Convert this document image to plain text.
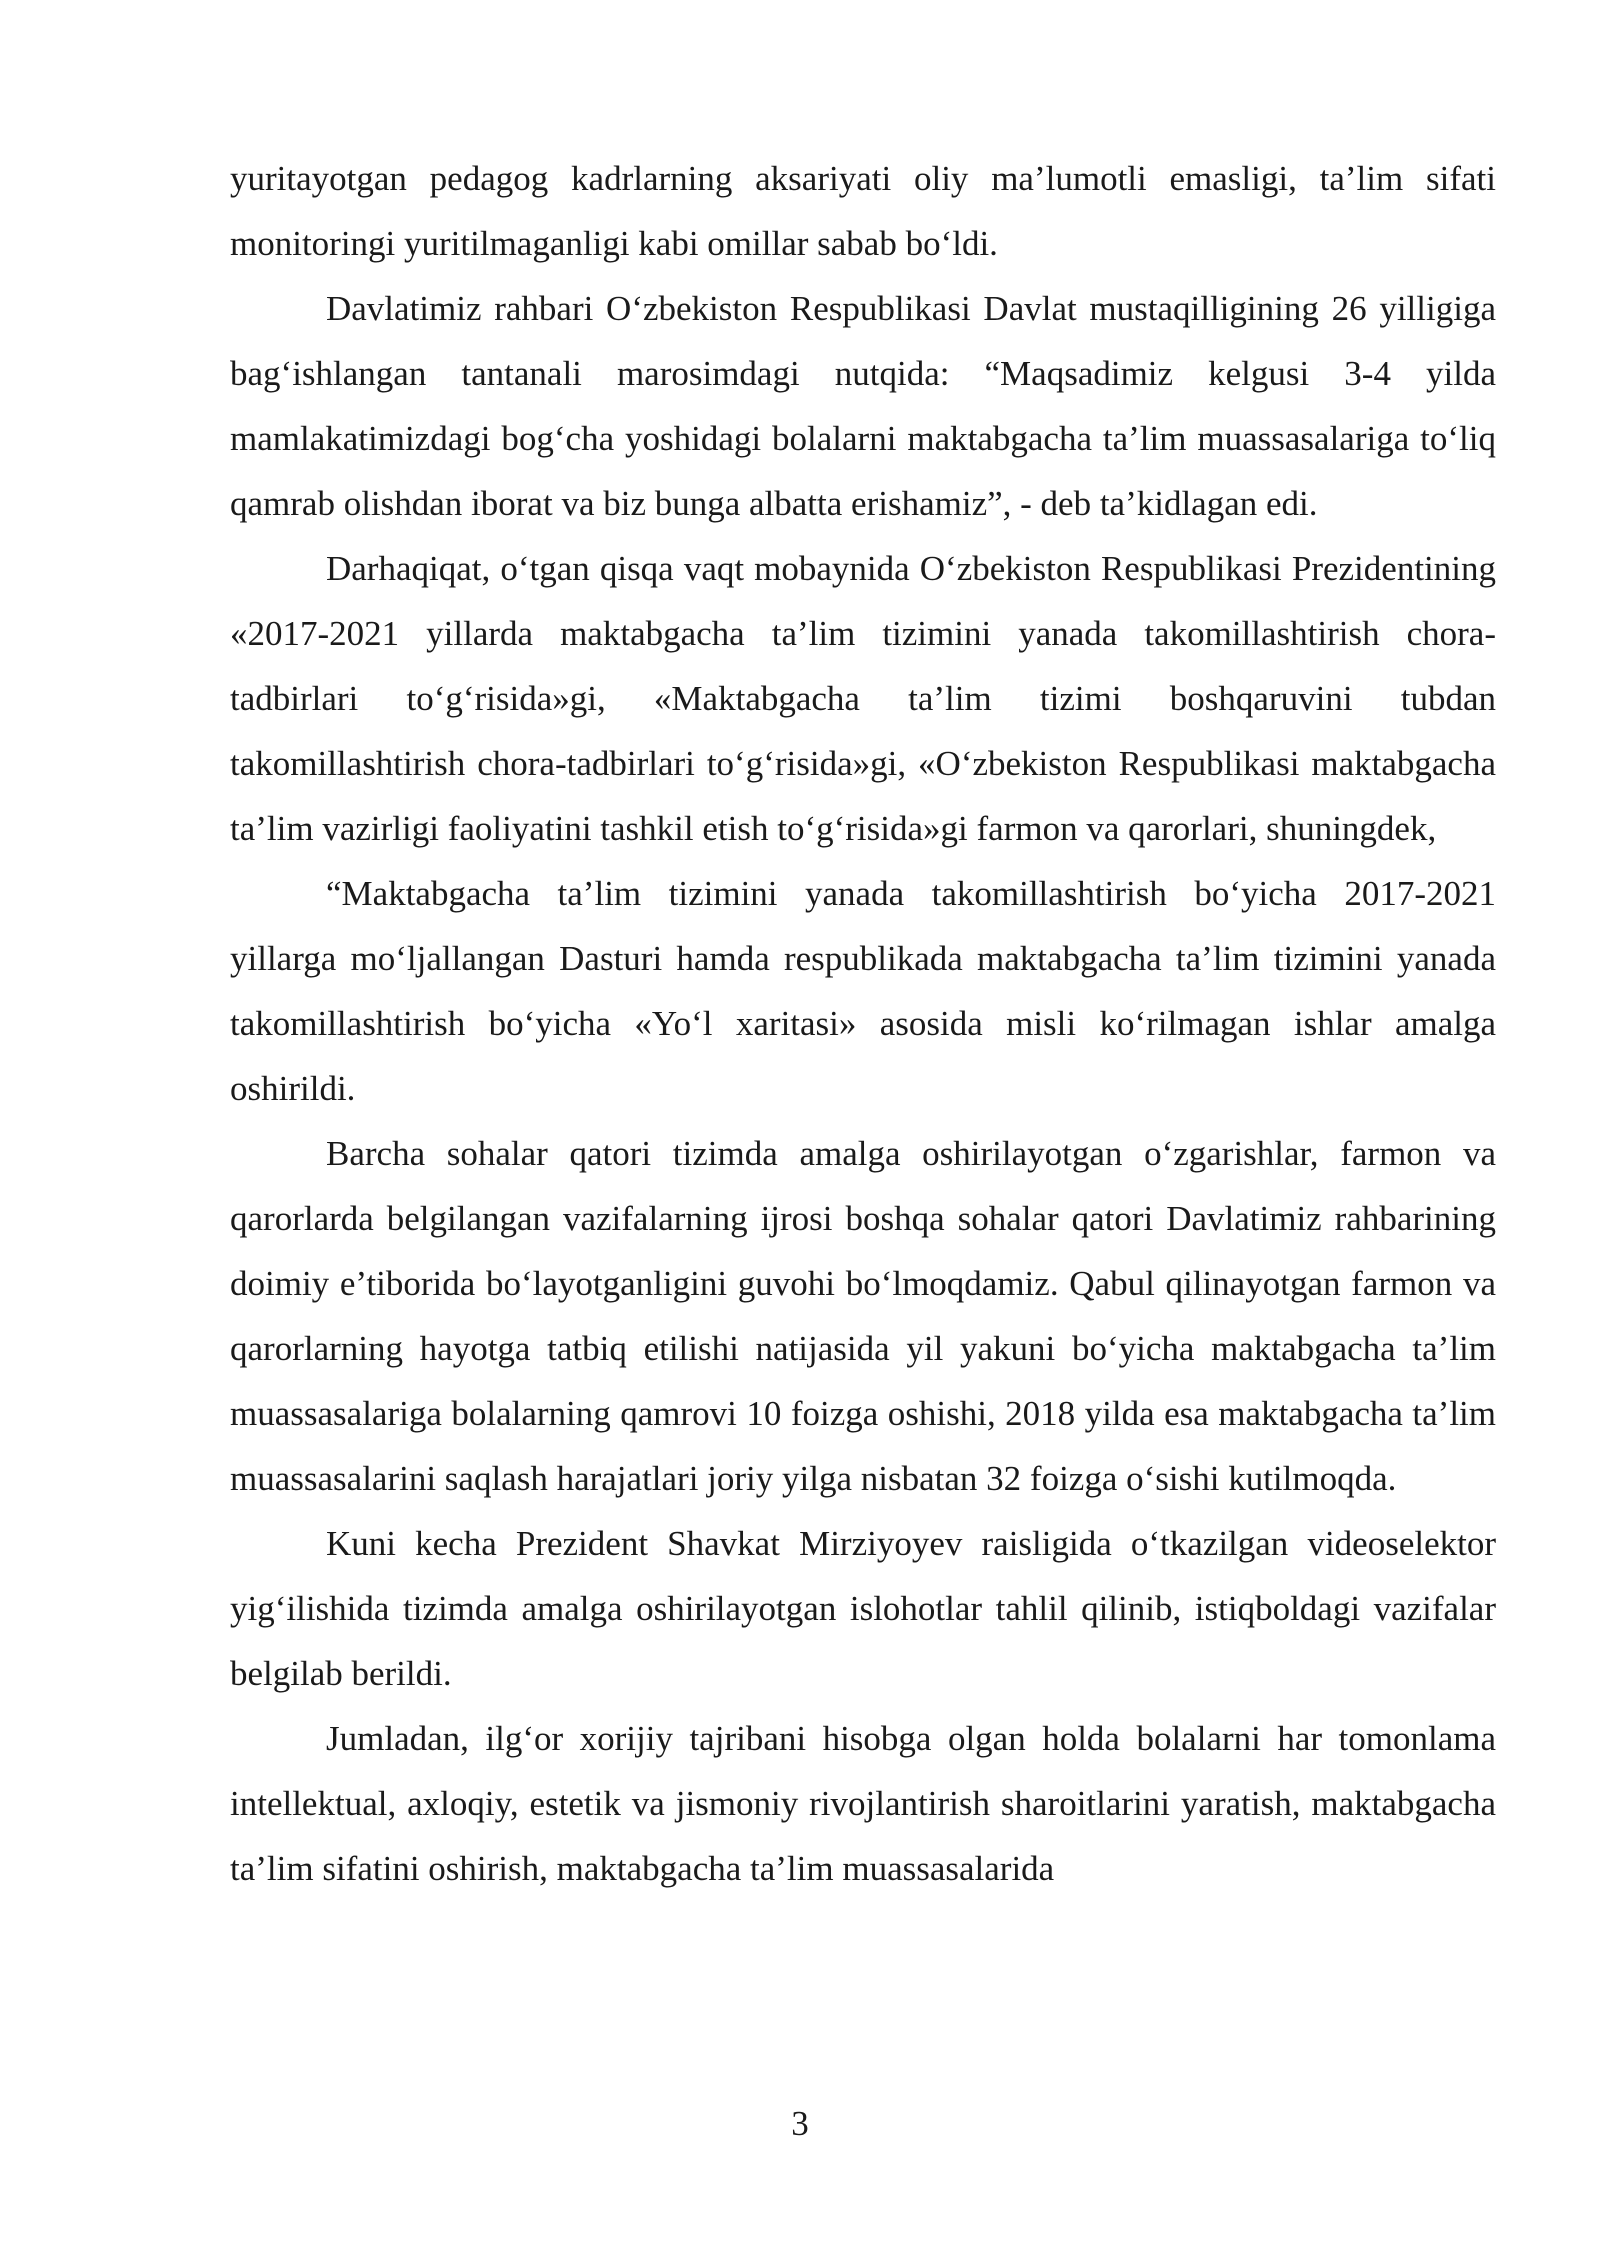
yuritayotgan pedagog kadrlarning aksariyati oliy ma’lumotli emasligi, ta’lim sifati monitoringi yuritilmaganligi kabi omillar sabab bo‘ldi.

Davlatimiz rahbari O‘zbekiston Respublikasi Davlat mustaqilligining 26 yilligiga bag‘ishlangan tantanali marosimdagi nutqida: “Maqsadimiz kelgusi 3-4 yilda mamlakatimizdagi bog‘cha yoshidagi bolalarni maktabgacha ta’lim muassasalariga to‘liq qamrab olishdan iborat va biz bunga albatta erishamiz”, - deb ta’kidlagan edi.

Darhaqiqat, o‘tgan qisqa vaqt mobaynida O‘zbekiston Respublikasi Prezidentining «2017-2021 yillarda maktabgacha ta’lim tizimini yanada takomillashtirish chora-tadbirlari to‘g‘risida»gi, «Maktabgacha ta’lim tizimi boshqaruvini tubdan takomillashtirish chora-tadbirlari to‘g‘risida»gi, «O‘zbekiston Respublikasi maktabgacha ta’lim vazirligi faoliyatini tashkil etish to‘g‘risida»gi farmon va qarorlari, shuningdek,

“Maktabgacha ta’lim tizimini yanada takomillashtirish bo‘yicha 2017-2021 yillarga mo‘ljallangan Dasturi hamda respublikada maktabgacha ta’lim tizimini yanada takomillashtirish bo‘yicha «Yo‘l xaritasi» asosida misli ko‘rilmagan ishlar amalga oshirildi.

Barcha sohalar qatori tizimda amalga oshirilayotgan o‘zgarishlar, farmon va qarorlarda belgilangan vazifalarning ijrosi boshqa sohalar qatori Davlatimiz rahbarining doimiy e’tiborida bo‘layotganligini guvohi bo‘lmoqdamiz. Qabul qilinayotgan farmon va qarorlarning hayotga tatbiq etilishi natijasida yil yakuni bo‘yicha maktabgacha ta’lim muassasalariga bolalarning qamrovi 10 foizga oshishi, 2018 yilda esa maktabgacha ta’lim muassasalarini saqlash harajatlari joriy yilga nisbatan 32 foizga o‘sishi kutilmoqda.

Kuni kecha Prezident Shavkat Mirziyoyev raisligida o‘tkazilgan videoselektor yig‘ilishida tizimda amalga oshirilayotgan islohotlar tahlil qilinib, istiqboldagi vazifalar belgilab berildi.

Jumladan, ilg‘or xorijiy tajribani hisobga olgan holda bolalarni har tomonlama intellektual, axloqiy, estetik va jismoniy rivojlantirish sharoitlarini yaratish, maktabgacha ta’lim sifatini oshirish, maktabgacha ta’lim muassasalarida

3
